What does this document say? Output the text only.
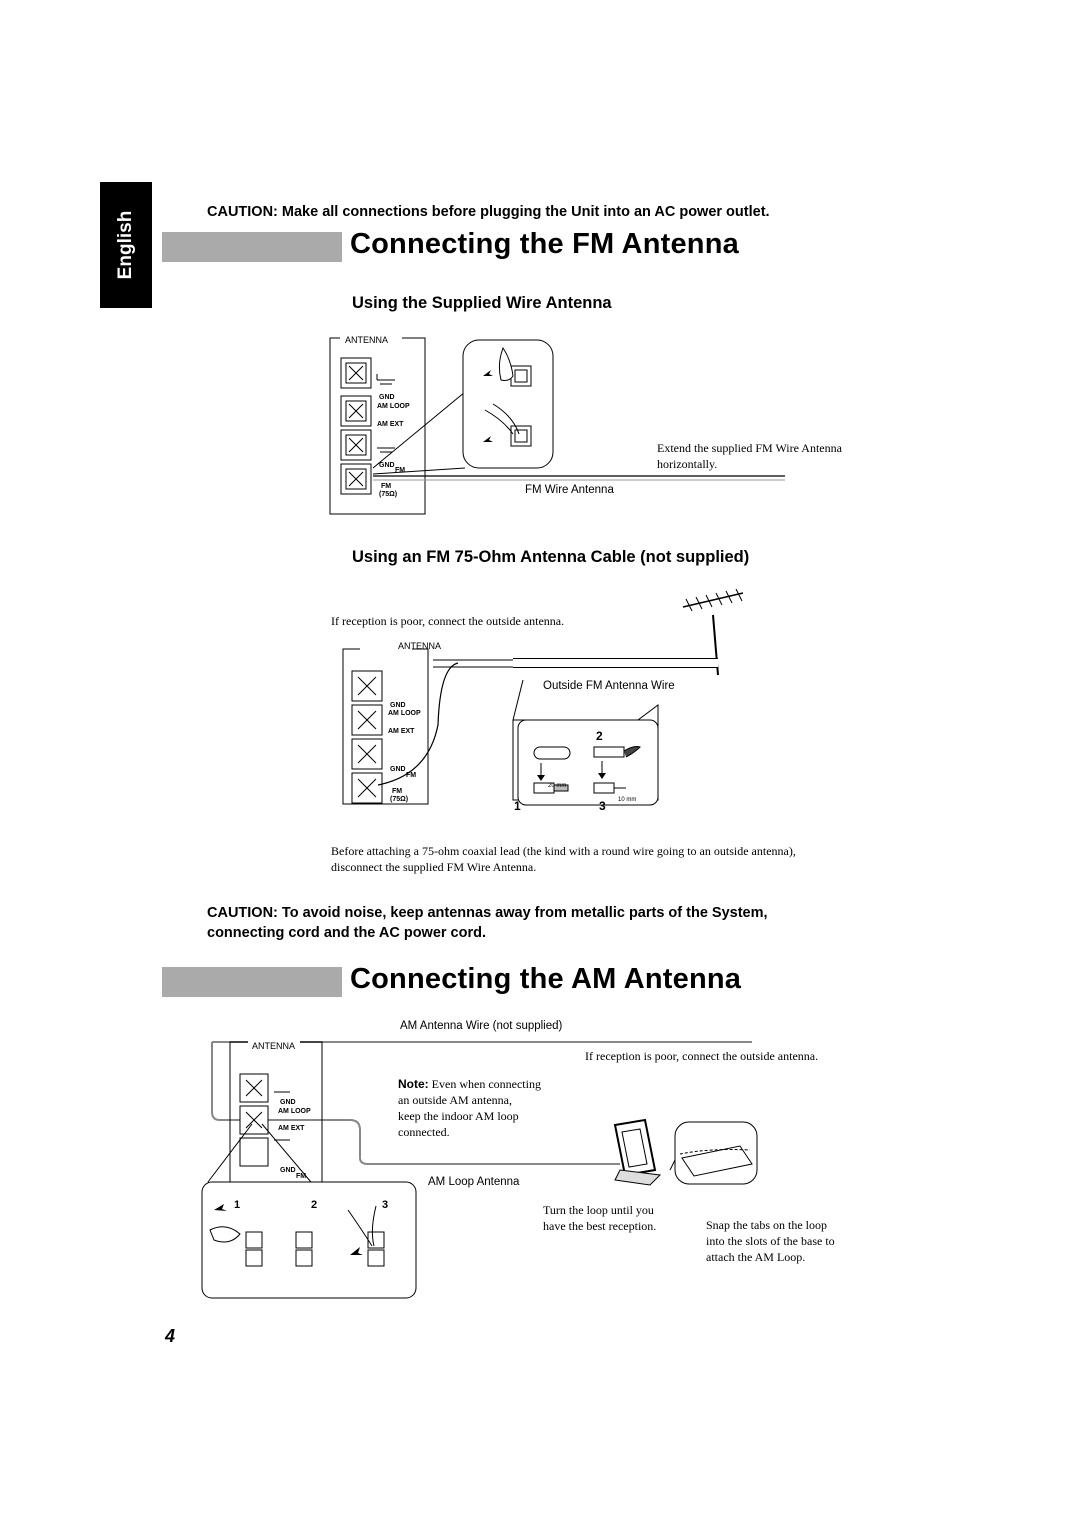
English	CAUTION: Make all connections before plugging the Unit into an AC power outlet.
Connecting the FM Antenna
Using the Supplied Wire Antenna
ANTENNA
GND
AM LOOP
AM EXT
GND
FM
FM
(75Ω)
Extend the supplied FM Wire Antenna
horizontally.
FM Wire Antenna
Using an FM 75-Ohm Antenna Cable (not supplied)
If reception is poor, connect the outside antenna.
ANTENNA
GND
AM LOOP
AM EXT
GND
FM
FM
(75Ω)
20 mm
10 mm
2
1	3
Outside FM Antenna Wire
Before attaching a 75-ohm coaxial lead (the kind with a round wire going to an outside antenna),
disconnect the supplied FM Wire Antenna.
CAUTION: To avoid noise, keep antennas away from metallic parts of the System,
connecting cord and the AC power cord.
Connecting the AM Antenna
AM Antenna Wire (not supplied)
If reception is poor, connect the outside antenna.
ANTENNA
GND
AM LOOP
AM EXT
GND
FM
1	2	3
Note: Even when connecting
an outside AM antenna,
keep the indoor AM loop
connected.
AM Loop Antenna
Turn the loop until you
have the best reception.	Snap the tabs on the loop
into the slots of the base to
attach the AM Loop.
4
